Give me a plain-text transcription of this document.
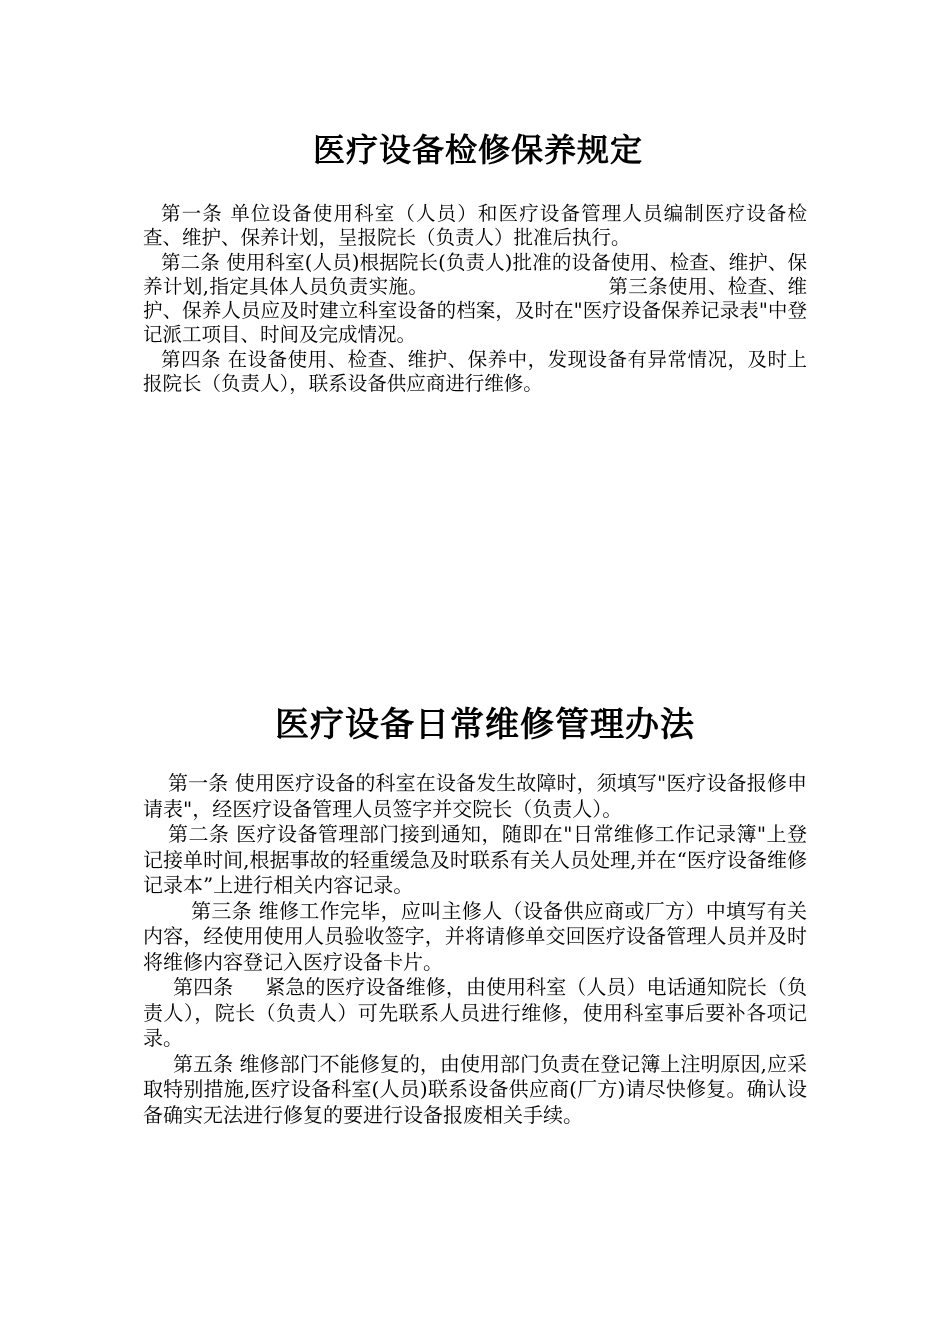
医疗设备检修保养规定

第一条 单位设备使用科室（人员）和医疗设备管理人员编制医疗设备检查、维护、保养计划，呈报院长（负责人）批准后执行。

第二条 使用科室(人员)根据院长(负责人)批准的设备使用、检查、维护、保养计划,指定具体人员负责实施。	第三条使用、检查、维护、保养人员应及时建立科室设备的档案，及时在"医疗设备保养记录表"中登记派工项目、时间及完成情况。

第四条 在设备使用、检查、维护、保养中，发现设备有异常情况，及时上报院长（负责人），联系设备供应商进行维修。

医疗设备日常维修管理办法

第一条 使用医疗设备的科室在设备发生故障时，须填写"医疗设备报修申请表"，经医疗设备管理人员签字并交院长（负责人）。

第二条 医疗设备管理部门接到通知，随即在"日常维修工作记录簿"上登记接单时间,根据事故的轻重缓急及时联系有关人员处理,并在“医疗设备维修记录本”上进行相关内容记录。

第三条 维修工作完毕，应叫主修人（设备供应商或厂方）中填写有关内容，经使用使用人员验收签字，并将请修单交回医疗设备管理人员并及时将维修内容登记入医疗设备卡片。

第四条 紧急的医疗设备维修，由使用科室（人员）电话通知院长（负责人），院长（负责人）可先联系人员进行维修，使用科室事后要补各项记录。

第五条 维修部门不能修复的，由使用部门负责在登记簿上注明原因,应采取特别措施,医疗设备科室(人员)联系设备供应商(厂方)请尽快修复。确认设备确实无法进行修复的要进行设备报废相关手续。
